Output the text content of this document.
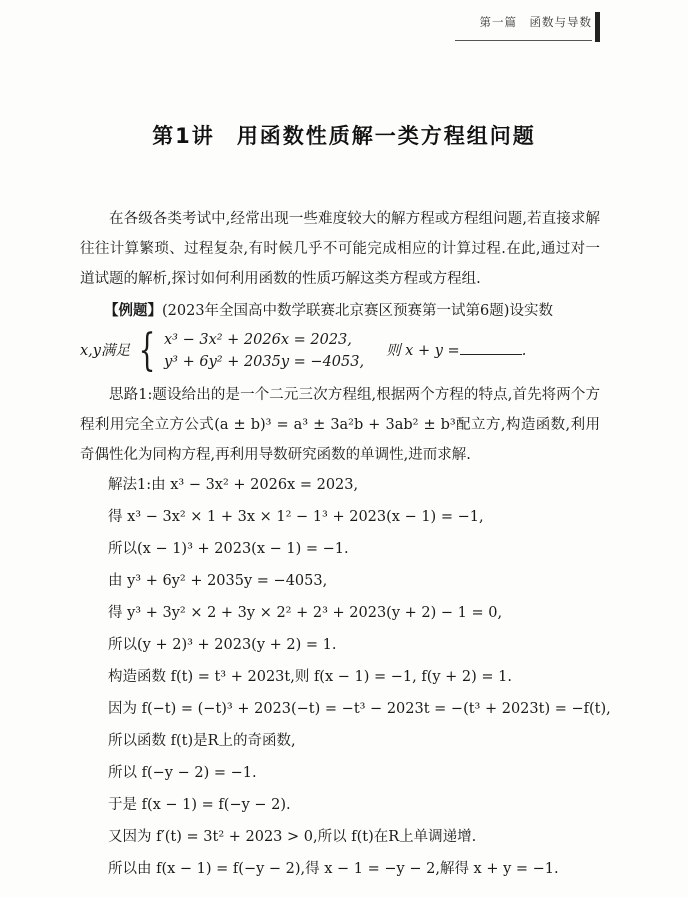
第一篇　函数与导数
第1讲 用函数性质解一类方程组问题

在各级各类考试中,经常出现一些难度较大的解方程或方程组问题,若直接求解往往计算繁琐、过程复杂,有时候几乎不可能完成相应的计算过程.在此,通过对一道试题的解析,探讨如何利用函数的性质巧解这类方程或方程组.

【例题】(2023年全国高中数学联赛北京赛区预赛第一试第6题)设实数

x,y满足 { x³ − 3x² + 2026x = 2023,
y³ + 6y² + 2035y = −4053,
则 x + y =	.

思路1:题设给出的是一个二元三次方程组,根据两个方程的特点,首先将两个方程利用完全立方公式(a ± b)³ = a³ ± 3a²b + 3ab² ± b³配立方,构造函数,利用奇偶性化为同构方程,再利用导数研究函数的单调性,进而求解.

解法1:由 x³ − 3x² + 2026x = 2023,
得 x³ − 3x² × 1 + 3x × 1² − 1³ + 2023(x − 1) = −1,
所以(x − 1)³ + 2023(x − 1) = −1.
由 y³ + 6y² + 2035y = −4053,
得 y³ + 3y² × 2 + 3y × 2² + 2³ + 2023(y + 2) − 1 = 0,
所以(y + 2)³ + 2023(y + 2) = 1.
构造函数 f(t) = t³ + 2023t,则 f(x − 1) = −1, f(y + 2) = 1.
因为 f(−t) = (−t)³ + 2023(−t) = −t³ − 2023t = −(t³ + 2023t) = −f(t),
所以函数 f(t)是R上的奇函数,
所以 f(−y − 2) = −1.
于是 f(x − 1) = f(−y − 2).
又因为 f′(t) = 3t² + 2023 > 0,所以 f(t)在R上单调递增.
所以由 f(x − 1) = f(−y − 2),得 x − 1 = −y − 2,解得 x + y = −1.
